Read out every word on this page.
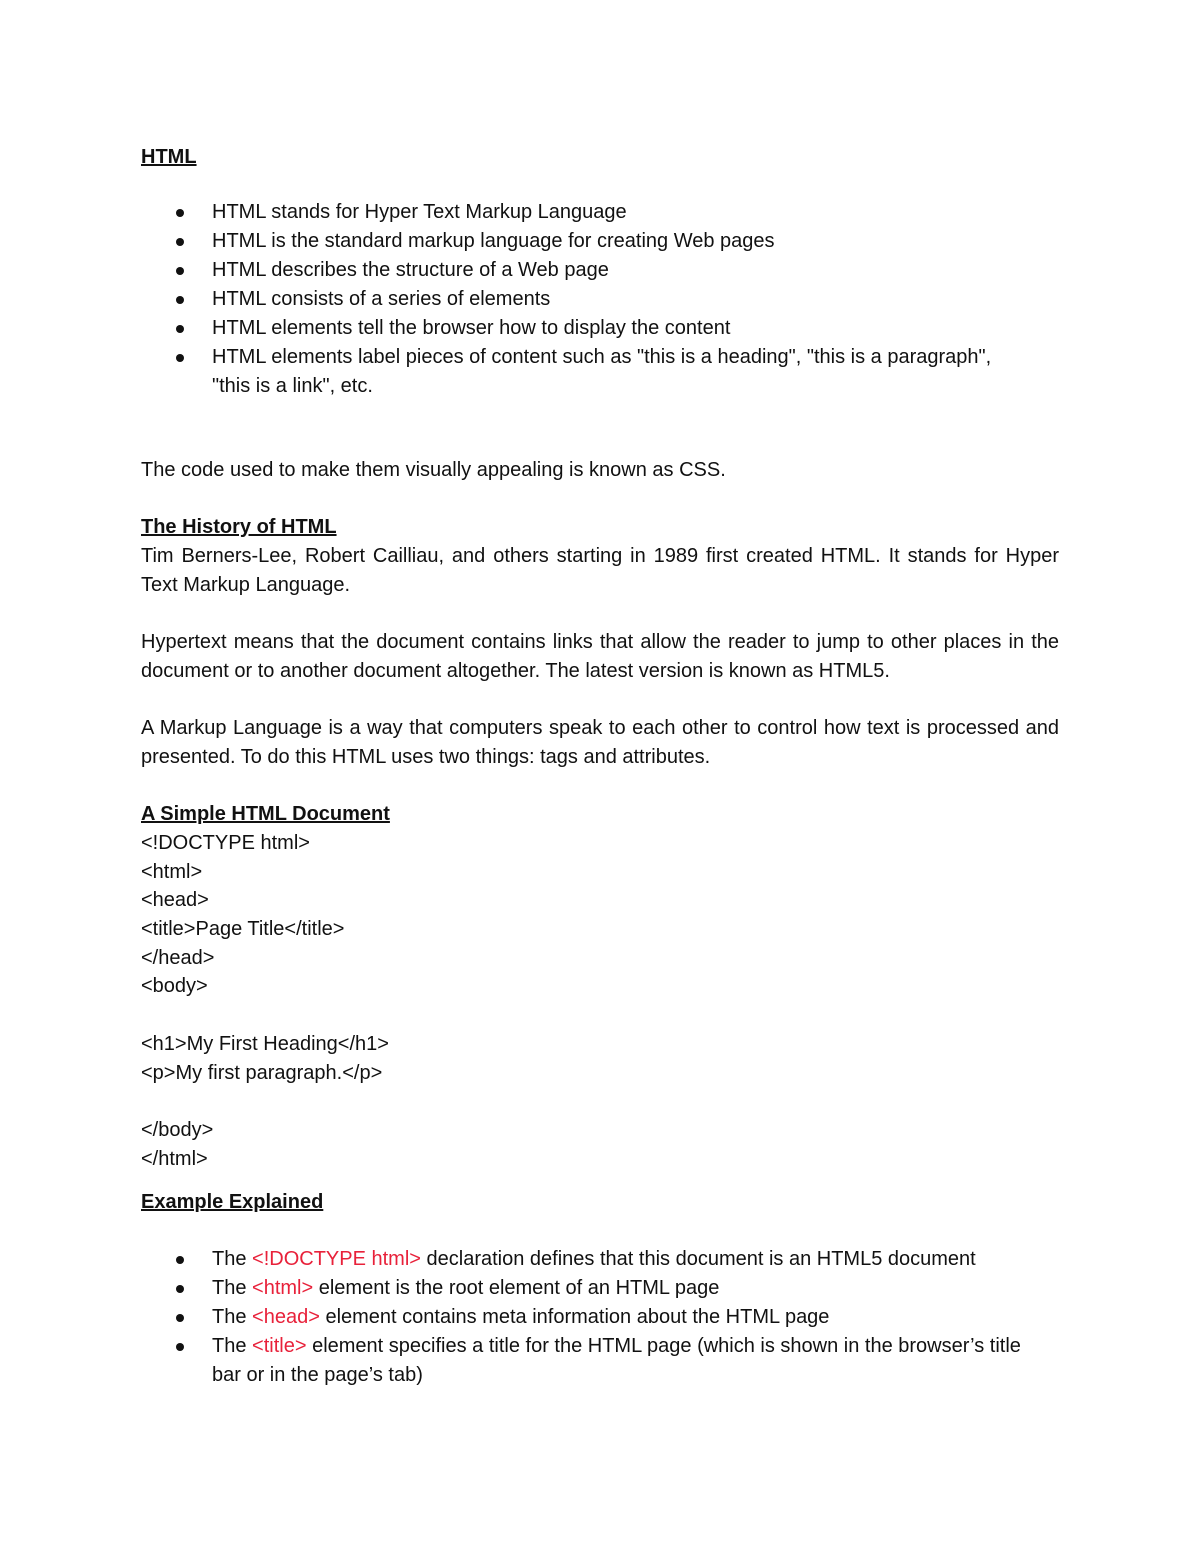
HTML
HTML stands for Hyper Text Markup Language
HTML is the standard markup language for creating Web pages
HTML describes the structure of a Web page
HTML consists of a series of elements
HTML elements tell the browser how to display the content
HTML elements label pieces of content such as "this is a heading", "this is a paragraph", "this is a link", etc.
The code used to make them visually appealing is known as CSS.
The History of HTML
Tim Berners-Lee, Robert Cailliau, and others starting in 1989 first created HTML. It stands for Hyper Text Markup Language.
Hypertext means that the document contains links that allow the reader to jump to other places in the document or to another document altogether. The latest version is known as HTML5.
A Markup Language is a way that computers speak to each other to control how text is processed and presented. To do this HTML uses two things: tags and attributes.
A Simple HTML Document
<!DOCTYPE html>
<html>
<head>
<title>Page Title</title>
</head>
<body>
<h1>My First Heading</h1>
<p>My first paragraph.</p>
</body>
</html>
Example Explained
The <!DOCTYPE html> declaration defines that this document is an HTML5 document
The <html> element is the root element of an HTML page
The <head> element contains meta information about the HTML page
The <title> element specifies a title for the HTML page (which is shown in the browser’s title bar or in the page’s tab)
